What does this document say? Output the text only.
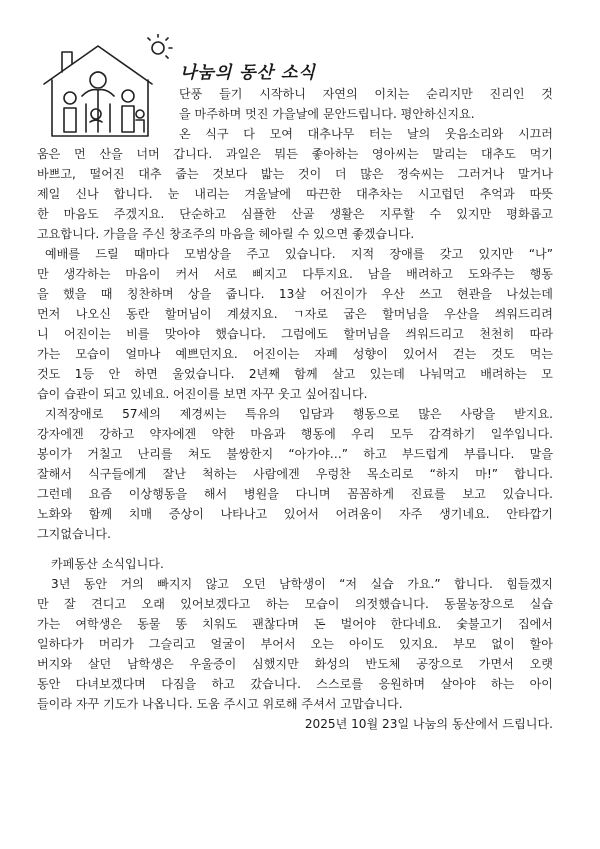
나눔의 동산 소식
단풍 들기 시작하니 자연의 이치는 순리지만 진리인 것
을 마주하며 멋진 가을날에 문안드립니다. 평안하신지요.
온 식구 다 모여 대추나무 터는 날의 웃음소리와 시끄러
움은 먼 산을 너머 갑니다. 과일은 뭐든 좋아하는 영아씨는 말리는 대추도 먹기
바쁘고, 떨어진 대추 줍는 것보다 밟는 것이 더 많은 정숙씨는 그러거나 말거나
제일 신나 합니다. 눈 내리는 겨울날에 따끈한 대추차는 시고럽던 추억과 따뜻
한 마음도 주겠지요. 단순하고 심플한 산골 생활은 지루할 수 있지만 평화롭고
고요합니다. 가을을 주신 창조주의 마음을 헤아릴 수 있으면 좋겠습니다.
예배를 드릴 때마다 모범상을 주고 있습니다. 지적 장애를 갖고 있지만 “나”
만 생각하는 마음이 커서 서로 삐지고 다투지요. 남을 배려하고 도와주는 행동
을 했을 때 칭찬하며 상을 줍니다. 13살 어진이가 우산 쓰고 현관을 나섰는데
먼저 나오신 동란 할머님이 계셨지요. ㄱ자로 굽은 할머님을 우산을 씌워드리려
니 어진이는 비를 맞아야 했습니다. 그럼에도 할머님을 씌워드리고 천천히 따라
가는 모습이 얼마나 예쁘던지요. 어진이는 자폐 성향이 있어서 걷는 것도 먹는
것도 1등 안 하면 울었습니다. 2년째 함께 살고 있는데 나눠먹고 배려하는 모
습이 습관이 되고 있네요. 어진이를 보면 자꾸 웃고 싶어집니다.
지적장애로 57세의 제경씨는 특유의 입담과 행동으로 많은 사랑을 받지요.
강자에겐 강하고 약자에겐 약한 마음과 행동에 우리 모두 감격하기 일쑤입니다.
봉이가 거칠고 난리를 쳐도 불쌍한지 “아가야…” 하고 부드럽게 부릅니다. 말을
잘해서 식구들에게 잘난 척하는 사람에겐 우렁찬 목소리로 “하지 마!” 합니다.
그런데 요즘 이상행동을 해서 병원을 다니며 꼼꼼하게 진료를 보고 있습니다.
노화와 함께 치매 증상이 나타나고 있어서 어려움이 자주 생기네요. 안타깝기
그지없습니다.
카페동산 소식입니다.
3년 동안 거의 빠지지 않고 오던 남학생이 “저 실습 가요.” 합니다. 힘들겠지
만 잘 견디고 오래 있어보겠다고 하는 모습이 의젓했습니다. 동물농장으로 실습
가는 여학생은 동물 똥 치워도 괜찮다며 돈 벌어야 한다네요. 숯불고기 집에서
일하다가 머리가 그슬리고 얼굴이 부어서 오는 아이도 있지요. 부모 없이 할아
버지와 살던 남학생은 우울증이 심했지만 화성의 반도체 공장으로 가면서 오랫
동안 다녀보겠다며 다짐을 하고 갔습니다. 스스로를 응원하며 살아야 하는 아이
들이라 자꾸 기도가 나옵니다. 도움 주시고 위로해 주셔서 고맙습니다.
2025년 10월 23일 나눔의 동산에서 드립니다.
